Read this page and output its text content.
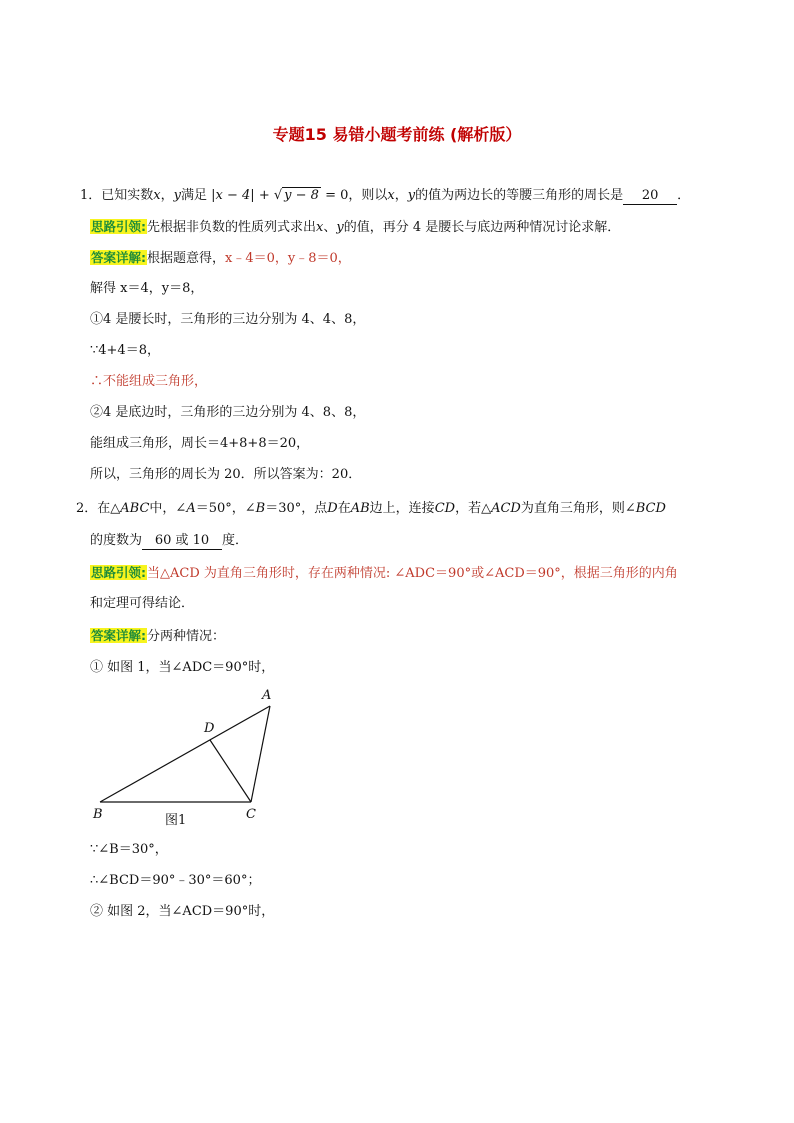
专题15 易错小题考前练 (解析版）
1．已知实数x，y满足 |x − 4| + √ y − 8 = 0，则以x，y的值为两边长的等腰三角形的周长是 20 ．
思路引领:先根据非负数的性质列式求出x、y的值，再分 4 是腰长与底边两种情况讨论求解．
答案详解:根据题意得，x﹣4＝0，y﹣8＝0，
解得 x＝4，y＝8，
①4 是腰长时，三角形的三边分别为 4、4、8，
∵4+4＝8，
∴不能组成三角形，
②4 是底边时，三角形的三边分别为 4、8、8，
能组成三角形，周长＝4+8+8＝20，
所以，三角形的周长为 20．所以答案为：20．
2．在△ABC中，∠A＝50°，∠B＝30°，点D在AB边上，连接CD，若△ACD为直角三角形，则∠BCD
的度数为 60 或 10 度．
思路引领:当△ACD 为直角三角形时，存在两种情况: ∠ADC＝90°或∠ACD＝90°，根据三角形的内角
和定理可得结论．
答案详解:分两种情况：
① 如图 1，当∠ADC＝90°时，
A
D
B	C
图1
∵∠B＝30°，
∴∠BCD＝90°﹣30°＝60°；
② 如图 2，当∠ACD＝90°时，
